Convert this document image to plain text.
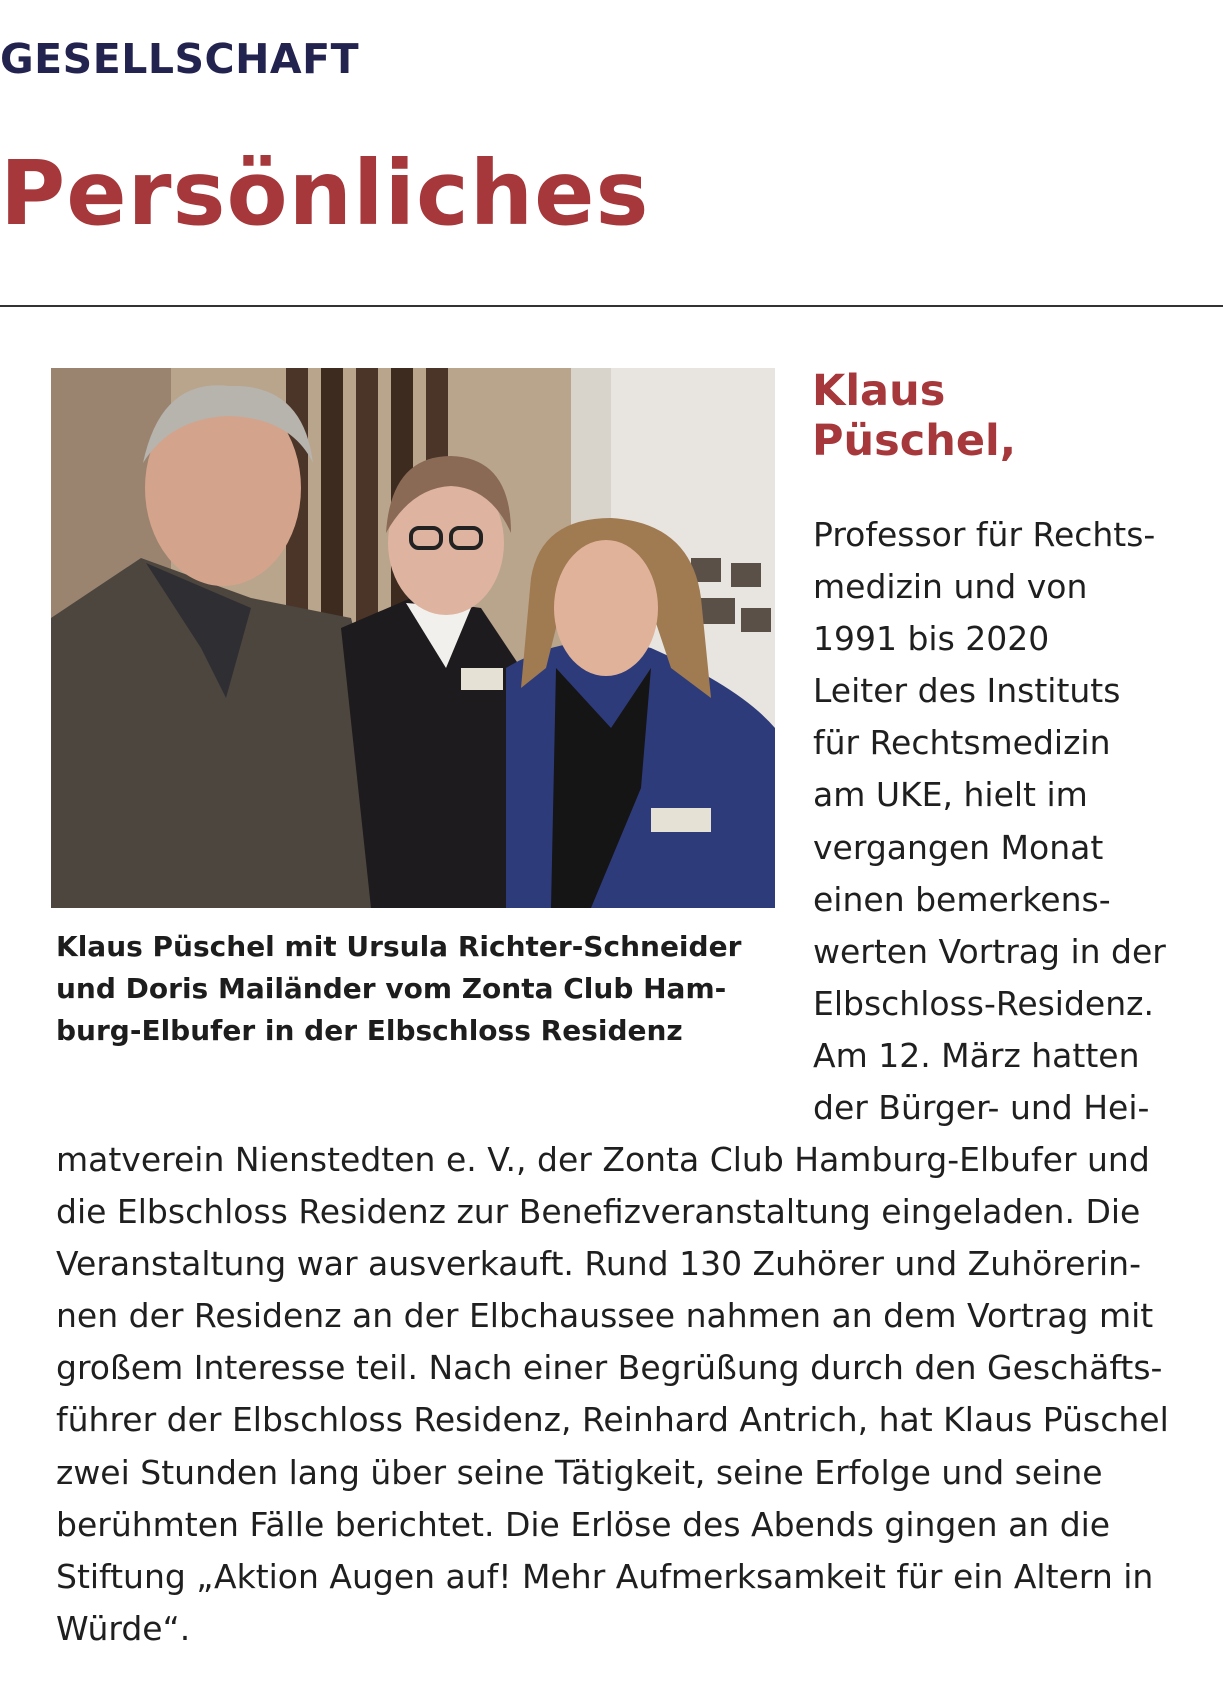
GESELLSCHAFT
Persönliches
Klaus Püschel mit Ursula Richter-Schneider
und Doris Mailänder vom Zonta Club Ham-
burg-Elbufer in der Elbschloss Residenz
Klaus
Püschel,
Professor für Rechts-
medizin und von
1991 bis 2020
Leiter des Instituts
für Rechtsmedizin
am UKE, hielt im
vergangen Monat
einen bemerkens-
werten Vortrag in der
Elbschloss-Residenz.
Am 12. März hatten
der Bürger- und Hei-
matverein Nienstedten e. V., der Zonta Club Hamburg-Elbufer und
die Elbschloss Residenz zur Benefizveranstaltung eingeladen. Die
Veranstaltung war ausverkauft. Rund 130 Zuhörer und Zuhörerin-
nen der Residenz an der Elbchaussee nahmen an dem Vortrag mit
großem Interesse teil. Nach einer Begrüßung durch den Geschäfts-
führer der Elbschloss Residenz, Reinhard Antrich, hat Klaus Püschel
zwei Stunden lang über seine Tätigkeit, seine Erfolge und seine
berühmten Fälle berichtet. Die Erlöse des Abends gingen an die
Stiftung „Aktion Augen auf! Mehr Aufmerksamkeit für ein Altern in
Würde“.
